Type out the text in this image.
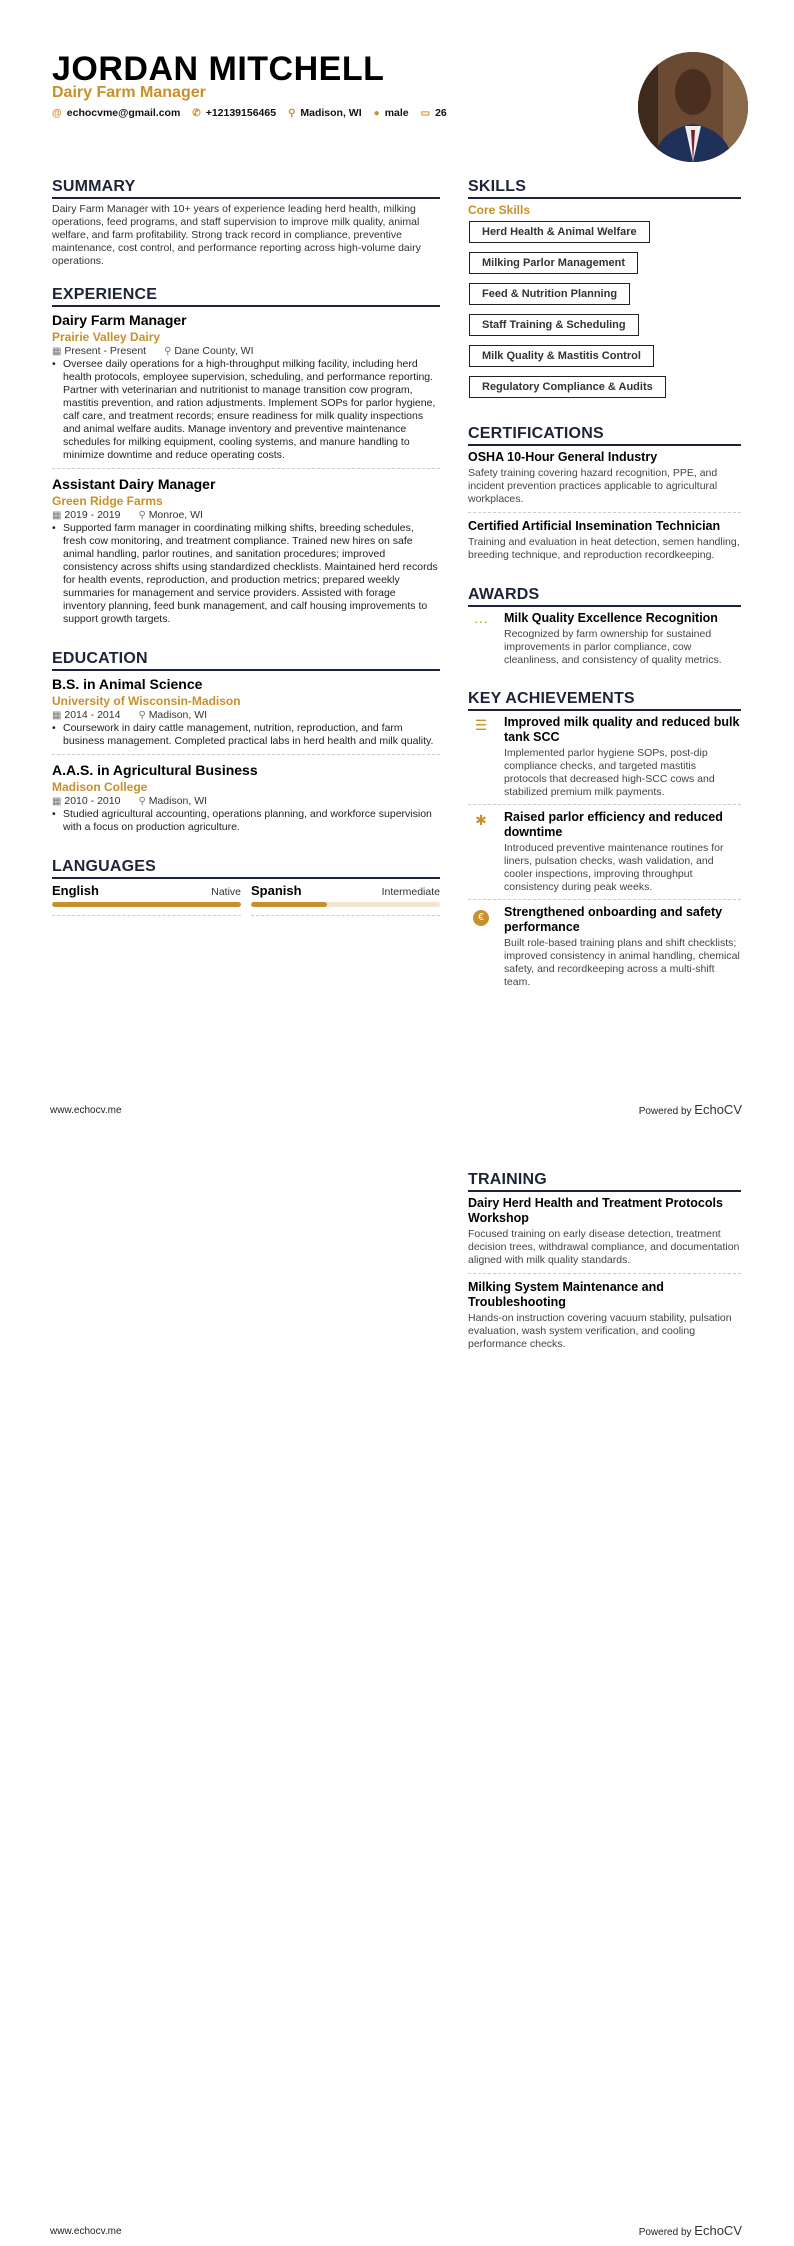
JORDAN MITCHELL
Dairy Farm Manager
@ echocvme@gmail.com ✆ +12139156465 ⚲ Madison, WI ● male ▭ 26
SUMMARY
Dairy Farm Manager with 10+ years of experience leading herd health, milking operations, feed programs, and staff supervision to improve milk quality, animal welfare, and farm profitability. Strong track record in compliance, preventive maintenance, cost control, and performance reporting across high-volume dairy operations.
EXPERIENCE
Dairy Farm Manager
Prairie Valley Dairy
▦ Present - Present ⚲ Dane County, WI
• Oversee daily operations for a high-throughput milking facility, including herd health protocols, employee supervision, scheduling, and performance reporting. Partner with veterinarian and nutritionist to manage transition cow program, mastitis prevention, and ration adjustments. Implement SOPs for parlor hygiene, calf care, and treatment records; ensure readiness for milk quality inspections and animal welfare audits. Manage inventory and preventive maintenance schedules for milking equipment, cooling systems, and manure handling to minimize downtime and reduce operating costs.
Assistant Dairy Manager
Green Ridge Farms
▦ 2019 - 2019 ⚲ Monroe, WI
• Supported farm manager in coordinating milking shifts, breeding schedules, fresh cow monitoring, and treatment compliance. Trained new hires on safe animal handling, parlor routines, and sanitation procedures; improved consistency across shifts using standardized checklists. Maintained herd records for health events, reproduction, and production metrics; prepared weekly summaries for management and service providers. Assisted with forage inventory planning, feed bunk management, and calf housing improvements to support growth targets.
EDUCATION
B.S. in Animal Science
University of Wisconsin-Madison
▦ 2014 - 2014 ⚲ Madison, WI
• Coursework in dairy cattle management, nutrition, reproduction, and farm business management. Completed practical labs in herd health and milk quality.
A.A.S. in Agricultural Business
Madison College
▦ 2010 - 2010 ⚲ Madison, WI
• Studied agricultural accounting, operations planning, and workforce supervision with a focus on production agriculture.
LANGUAGES
English	Native Spanish	Intermediate
SKILLS
Core Skills
Herd Health & Animal Welfare
Milking Parlor Management
Feed & Nutrition Planning
Staff Training & Scheduling
Milk Quality & Mastitis Control
Regulatory Compliance & Audits
CERTIFICATIONS
OSHA 10-Hour General Industry
Safety training covering hazard recognition, PPE, and incident prevention practices applicable to agricultural workplaces.
Certified Artificial Insemination Technician
Training and evaluation in heat detection, semen handling, breeding technique, and reproduction recordkeeping.
AWARDS
···	Milk Quality Excellence Recognition
Recognized by farm ownership for sustained improvements in parlor compliance, cow cleanliness, and consistency of quality metrics.
KEY ACHIEVEMENTS
☰	Improved milk quality and reduced bulk tank SCC
Implemented parlor hygiene SOPs, post-dip compliance checks, and targeted mastitis protocols that decreased high-SCC cows and stabilized premium milk payments.
✱	Raised parlor efficiency and reduced downtime
Introduced preventive maintenance routines for liners, pulsation checks, wash validation, and cooler inspections, improving throughput consistency during peak weeks.
€	Strengthened onboarding and safety performance
Built role-based training plans and shift checklists; improved consistency in animal handling, chemical safety, and recordkeeping across a multi-shift team.
www.echocv.me	Powered by EchoCV
TRAINING
Dairy Herd Health and Treatment Protocols Workshop
Focused training on early disease detection, treatment decision trees, withdrawal compliance, and documentation aligned with milk quality standards.
Milking System Maintenance and Troubleshooting
Hands-on instruction covering vacuum stability, pulsation evaluation, wash system verification, and cooling performance checks.
www.echocv.me	Powered by EchoCV
